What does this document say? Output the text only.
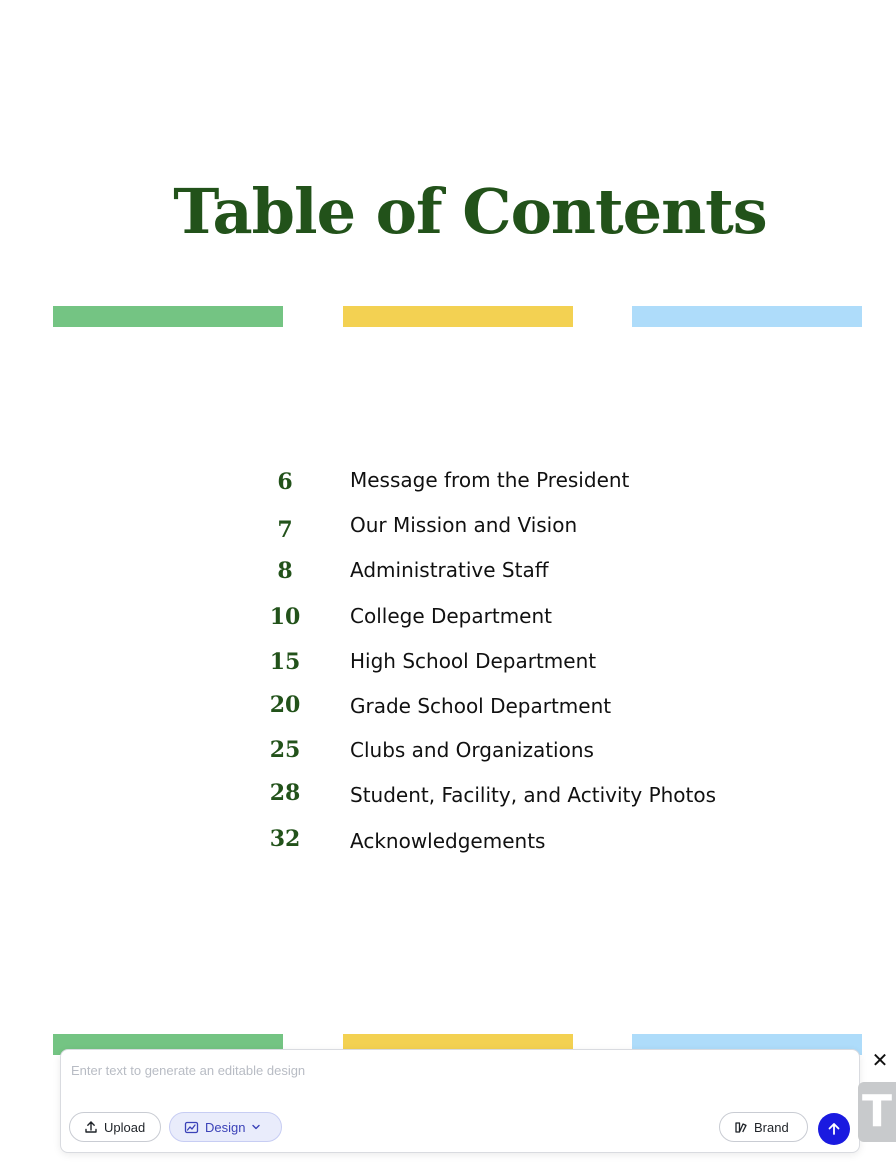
Table of Contents
6	Message from the President
7	Our Mission and Vision
8	Administrative Staff
10	College Department
15	High School Department
20	Grade School Department
25	Clubs and Organizations
28	Student, Facility, and Activity Photos
32	Acknowledgements
Enter text to generate an editable design
Upload	Design	Brand
✕
T
